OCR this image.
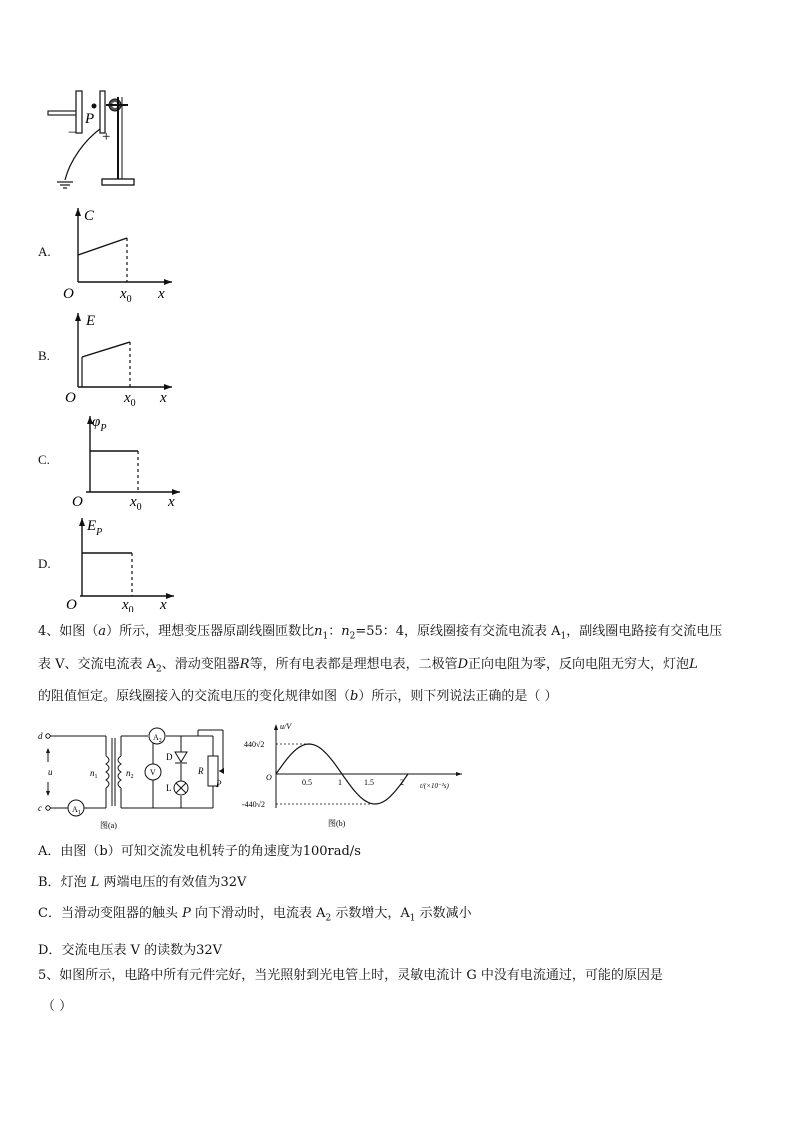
P
− +
A.
C
O	$x_0$ x
B.
E
O	$x_0$ x
C.
$\varphi_P$
O	$x_0$ x
D.
$E_P$
O	$x_0$ x
4、如图（a）所示，理想变压器原副线圈匝数比$n_1$：$n_2=55$：4，原线圈接有交流电流表 $A_1$，副线圈电路接有交流电压
表 V、交流电流表 $A_2$、滑动变阻器R等，所有电表都是理想电表，二极管D正向电阻为零，反向电阻无穷大，灯泡L
的阻值恒定。原线圈接入的交流电压的变化规律如图（b）所示，则下列说法正确的是（ ）
d
c
u
$A_1$
$n_1$	$n_2$
$A_2$
V
D
L
R
P
图(a)
u/V
440√2
-440√2
O
0.5	1	1.5	2 t/(×10⁻²s)
图(b)
A．由图（b）可知交流发电机转子的角速度为100rad/s
B．灯泡 L 两端电压的有效值为32V
C．当滑动变阻器的触头 P 向下滑动时，电流表 $A_2$ 示数增大，$A_1$ 示数减小
D．交流电压表 V 的读数为32V
5、如图所示，电路中所有元件完好，当光照射到光电管上时，灵敏电流计 G 中没有电流通过，可能的原因是
（ ）
